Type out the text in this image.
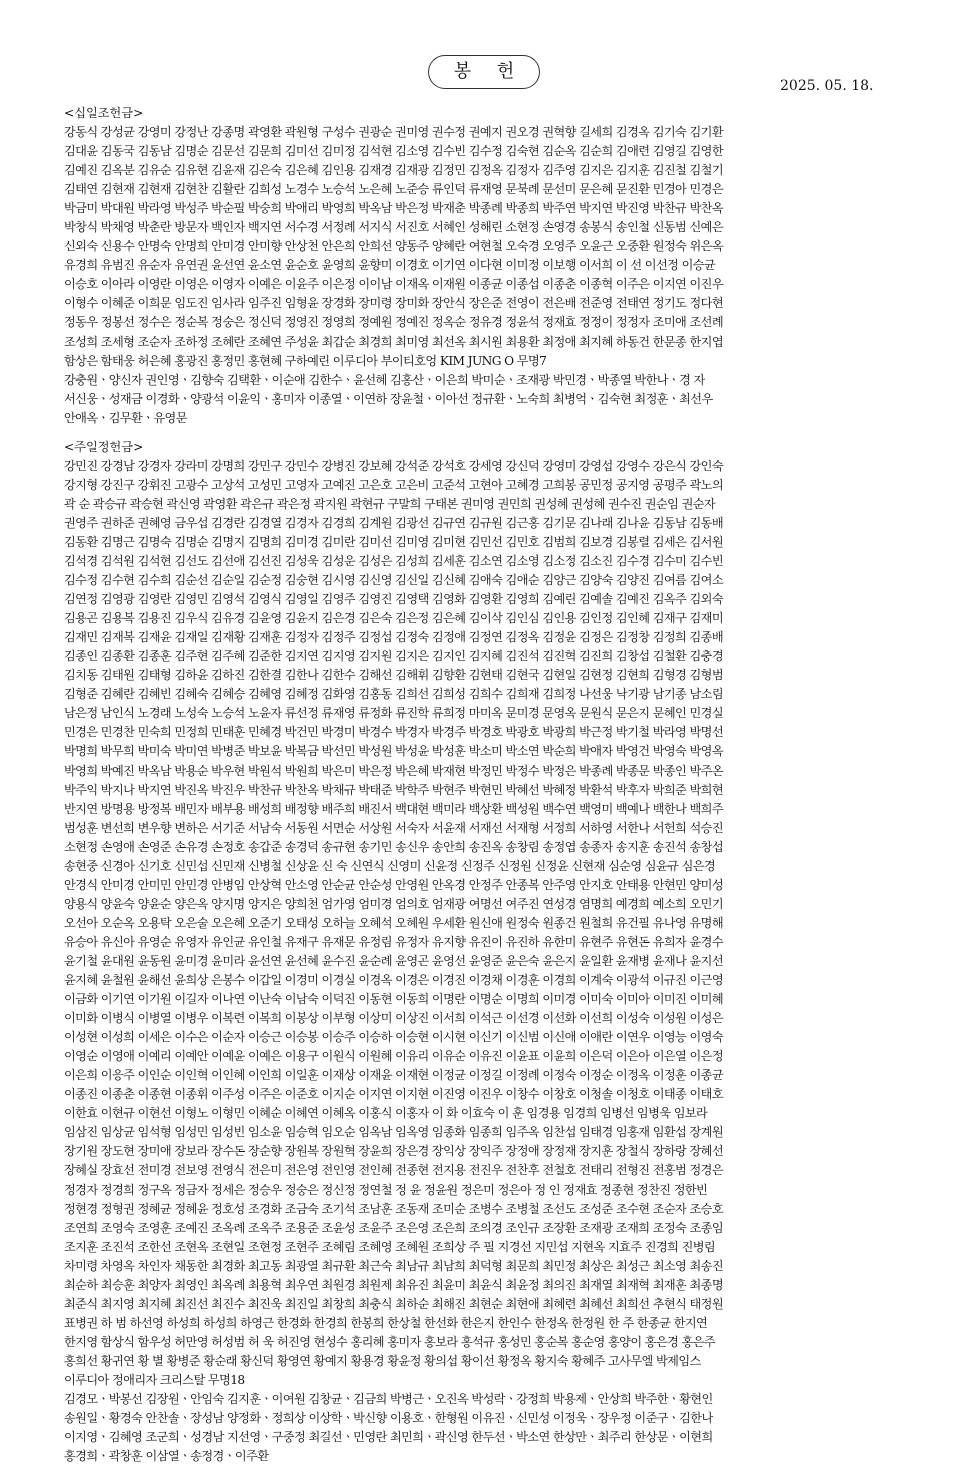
봉 헌
2025. 05. 18.
<십일조헌금>
강동식 강성균 강영미 강정난 강종명 곽영환 곽원형 구성수 권광순 권미영 권수정 권예지 권오경 권혁향 길세희 김경옥 김기숙 김기환
김대윤 김동국 김동남 김명순 김문선 김문희 김미선 김미정 김석현 김소영 김수빈 김수정 김숙현 김순옥 김순희 김애련 김영길 김영한
김예진 김옥분 김유순 김유현 김윤재 김은숙 김은혜 김인용 김재경 김재광 김정민 김정옥 김정자 김주영 김지은 김지훈 김진철 김철기
김태연 김현재 김현재 김현찬 김활란 김희성 노경수 노승석 노은혜 노준승 류인덕 류재영 문북례 문선미 문은혜 문진환 민경아 민경은
박금미 박대원 박라영 박성주 박순필 박숭희 박애리 박영희 박옥남 박은정 박재춘 박종례 박종희 박주연 박지연 박진영 박찬규 박찬옥
박창식 박채영 박춘란 방문자 백인자 백지연 서수경 서정례 서지식 서진호 서혜인 성해린 소현정 손영경 송봉식 송인철 신동범 신예은
신외숙 신용수 안명숙 안명희 안미경 안미향 안상천 안은희 안희선 양동주 양혜란 여현철 오숙경 오영주 오윤근 오중환 원정숙 위은옥
유경희 유범진 유순자 유연권 윤선연 윤소연 윤순호 윤영희 윤향미 이경호 이기연 이다현 이미정 이보행 이서희 이 선 이선정 이승균
이승호 이아라 이영란 이영은 이영자 이예은 이윤주 이은정 이이남 이재옥 이재원 이종균 이종섭 이종춘 이종혁 이주은 이지연 이진우
이형수 이혜준 이희문 임도진 임사라 임주진 임형윤 장경화 장미령 장미화 장안식 장은준 전영이 전은배 전준영 전태연 정기도 정다현
정동우 정봉선 정수은 정순복 정숭은 정신덕 정영진 정영희 정예원 정예진 정옥순 정유경 정윤석 정재효 정정이 정정자 조미애 조선례
조성희 조세형 조순자 조하정 조혜란 조혜연 주성윤 최갑순 최경희 최미영 최선옥 최시원 최용환 최정애 최지혜 하동건 한문종 한지엽
함상은 함태웅 허은혜 홍광진 홍정민 홍현혜 구하예린 이루디아 부이티호엉 KIM JUNG O 무명7
강충원ㆍ양신자 권인영ㆍ김향숙 김택환ㆍ이순애 김한수ㆍ윤선혜 김홍산ㆍ이은희 박미순ㆍ조재광 박민경ㆍ박종열 박한나ㆍ경 자
서신웅ㆍ성재금 이경화ㆍ양광석 이윤익ㆍ홍미자 이종열ㆍ이연하 장윤철ㆍ이아선 정규환ㆍ노숙희 최병억ㆍ김숙현 최정훈ㆍ최선우
안애옥ㆍ김무환ㆍ유영문
<주일정헌금>
강민진 강경남 강경자 강라미 강명희 강민구 강민수 강병진 강보혜 강석준 강석호 강세영 강신덕 강영미 강영섭 강영수 강은식 강인숙
강지형 강진구 강휘진 고광수 고상석 고성민 고영자 고예진 고은호 고은비 고준석 고현아 고혜경 고희봉 공민정 공지영 공평주 곽노의
곽 순 곽승규 곽승현 곽신영 곽영환 곽은규 곽은정 곽지원 곽현규 구말희 구태본 권미영 권민희 권성혜 권성혜 권수진 권순임 권순자
권영주 권하준 권혜영 금우섭 김경란 김경열 김경자 김경희 김계원 김광선 김규연 김규원 김근홍 김기문 김나래 김나윤 김동남 김동배
김동환 김명근 김명숙 김명순 김명지 김명희 김미경 김미란 김미선 김미영 김미현 김민선 김민호 김범희 김보경 김봉렬 김세은 김서원
김석경 김석원 김석현 김선도 김선애 김선진 김성욱 김성운 김성은 김성희 김세훈 김소연 김소영 김소정 김소진 김수경 김수미 김수빈
김수정 김수현 김수희 김순선 김순일 김순정 김숭현 김시영 김신영 김신일 김신혜 김애숙 김애순 김양근 김양숙 김양진 김여름 김여소
김연정 김영광 김영란 김영민 김영석 김영식 김영일 김영주 김영진 김영택 김영화 김영환 김영희 김예린 김예솔 김예진 김옥주 김외숙
김용곤 김용복 김용진 김우식 김유경 김윤영 김윤지 김은경 김은숙 김은정 김은혜 김이삭 김인심 김인용 김인정 김인혜 김재구 김재미
김재민 김재복 김재윤 김재일 김재황 김재훈 김정자 김정주 김정섭 김정숙 김정애 김정연 김정옥 김정윤 김정은 김정창 김정희 김종배
김종인 김종환 김종훈 김주현 김주혜 김준한 김지연 김지영 김지원 김지은 김지인 김지혜 김진석 김진혁 김진희 김창섭 김철환 김충경
김치동 김태원 김태형 김하윤 김하진 김한결 김한나 김한수 김해선 김해휘 김향환 김현태 김현국 김현일 김현정 김현희 김형경 김형범
김형준 김혜란 김혜빈 김혜숙 김혜승 김혜영 김혜정 김화영 김홍동 김희선 김희성 김희수 김희재 김희정 나선웅 낙기광 남기종 남소림
남은정 남인식 노경래 노성숙 노승석 노윤자 류선정 류재영 류정화 류진학 류희정 마미옥 문미경 문영옥 문원식 문은지 문혜인 민경실
민경은 민경찬 민숙희 민정희 민태훈 민혜경 박건민 박경미 박경수 박경자 박경주 박경호 박광호 박광희 박근정 박기철 박라영 박명선
박명희 박무희 박미숙 박미연 박병준 박보윤 박복금 박선민 박성원 박성윤 박성훈 박소미 박소연 박순희 박애자 박영건 박영숙 박영옥
박영희 박예진 박옥남 박용순 박우현 박원석 박원희 박은미 박은정 박은혜 박재현 박정민 박정수 박정은 박종례 박종문 박종인 박주온
박주익 박지나 박지연 박진옥 박진우 박찬규 박찬옥 박채규 박태준 박학주 박현주 박현민 박혜선 박혜정 박환석 박후자 박희준 박희현
반지연 방명용 방정복 배민자 배부용 배성희 배정향 배주희 배진서 백대현 백미라 백상환 백성원 백수연 백영미 백예나 백한나 백희주
범성훈 변선희 변우향 변하은 서기준 서남숙 서동원 서면순 서상원 서숙자 서윤재 서재선 서재형 서정희 서하영 서한나 서헌희 석승진
소현정 손영애 손영준 손유경 손정호 송갑준 송경덕 송규현 송기민 송신우 송안희 송진옥 송창림 송정엽 송종자 송지훈 송진석 송창섭
송현중 신경아 신기호 신민섭 신민재 신병철 신상윤 신 숙 신연식 신영미 신윤정 신정주 신정원 신정윤 신현재 심순영 심윤규 심은경
안경식 안미경 안미민 안민경 안병임 안상혁 안소영 안순균 안순성 안영원 안옥경 안정주 안종복 안주영 안지호 안태용 안현민 양미성
양용식 양윤숙 양윤순 양은옥 양지명 양지은 양희천 엄가영 엄미경 엄의호 엄재광 여명선 여주진 연성경 염명희 예경희 예소희 오민기
오선아 오순옥 오용탁 오은술 오은혜 오준기 오태성 오하늘 오혜석 오혜원 우세환 원신애 원정숙 원종건 원철희 유건필 유나영 유명해
유승아 유신아 유영순 유영자 유인균 유인철 유재구 유재문 유정림 유정자 유지향 유진이 유진하 유한미 유현주 유현돈 유희자 윤경수
윤기철 윤대원 윤동원 윤미경 윤미라 윤선연 윤선혜 윤수진 윤순례 윤영곤 윤영선 윤영준 윤은숙 윤은지 윤일환 윤재병 윤재나 윤지선
윤지혜 윤철원 윤해선 윤희상 은봉수 이갑일 이경미 이경실 이경옥 이경은 이경진 이경채 이경훈 이경희 이계숙 이광석 이규진 이근영
이금화 이기연 이기원 이길자 이나연 이난숙 이남숙 이덕진 이동현 이동희 이명란 이명순 이명희 이미경 이미숙 이미아 이미진 이미혜
이미화 이병식 이병열 이병우 이복련 이복희 이봉상 이부형 이상미 이상진 이서희 이석근 이선경 이선화 이선희 이성숙 이성원 이성은
이성현 이성희 이세은 이수은 이순자 이승근 이승봉 이승주 이승하 이승현 이시현 이신기 이신범 이신애 이애란 이연우 이영능 이영숙
이영순 이영애 이예리 이예안 이예윤 이예은 이용구 이원식 이원혜 이유리 이유순 이유진 이윤표 이윤희 이은덕 이은아 이은열 이은정
이은희 이응주 이인순 이인혁 이인혜 이인희 이일훈 이재상 이재윤 이재현 이정균 이정길 이정례 이정숙 이정순 이정옥 이정훈 이종균
이종진 이종춘 이종현 이종휘 이주성 이주은 이준호 이지순 이지연 이지현 이진영 이진우 이창수 이창호 이청솔 이청호 이태종 이태호
이한효 이현규 이현선 이형노 이형민 이혜순 이혜연 이혜옥 이홍식 이홍자 이 화 이효숙 이 훈 임경용 임경희 임병선 임병욱 임보라
임삼진 임상균 임석형 임성민 임성빈 임소윤 임승혁 임오순 임옥남 임옥영 임종화 임종희 임주옥 임찬섭 임태경 임홍재 임환섭 장계원
장기원 장도현 장미애 장보라 장수돈 장순향 장원복 장원혁 장윤희 장은경 장익상 장익주 장정애 장정재 장지훈 장철식 장하랑 장혜선
장혜실 장효선 전미경 전보영 전영식 전은미 전은영 전인영 전인혜 전종현 전지용 전진우 전찬후 전철호 전태리 전형진 전홍범 정경은
정경자 정경희 정구옥 정금자 정세은 정승우 정숭은 정신정 정연철 정 윤 정윤원 정은미 정은아 정 인 정재효 정종현 정찬진 정한빈
정현경 정형권 정혜균 정혜윤 정호성 조경화 조금숙 조기석 조남훈 조동재 조미순 조병수 조병철 조선도 조성준 조수현 조순자 조승호
조연희 조영숙 조영훈 조예진 조옥례 조옥주 조용준 조윤성 조윤주 조은영 조은희 조의경 조인규 조장환 조재광 조재희 조정숙 조종임
조지훈 조진석 조한선 조현옥 조현일 조현정 조현주 조혜림 조혜영 조혜원 조희상 주 필 지경선 지민섭 지현옥 지효주 진경희 진병림
차미령 차영옥 차인자 채동한 최경화 최고동 최광열 최규환 최근숙 최남규 최남희 최덕형 최문희 최민정 최상은 최성근 최소영 최송진
최순하 최승훈 최양자 최영인 최옥례 최용혁 최우연 최원경 최원제 최유진 최윤미 최윤식 최윤정 최의진 최재열 최재혁 최재훈 최종명
최준식 최지영 최지혜 최진선 최진수 최진욱 최진일 최창희 최충식 최하순 최해진 최현순 최현애 최혜련 최혜선 최희선 추현식 태정원
표병권 하 범 하선영 하성희 하성희 하영근 한경화 한경희 한봉희 한상철 한선화 한은지 한인수 한정옥 한정원 한 주 한종균 한지연
한지영 함상식 함우성 허만영 허성범 허 욱 허진영 현성수 홍리혜 홍미자 홍보라 홍석규 홍성민 홍순복 홍순영 홍양이 홍은경 홍은주
홍희선 황귀연 황 별 황병준 황순래 황신덕 황영연 황예지 황용경 황윤정 황의섭 황이선 황정옥 황지숙 황혜주 고사무엘 박제임스
이루디아 정애리자 크리스탈 무명18
김경모ㆍ박봉선 김장원ㆍ안임숙 김지훈ㆍ이여원 김창균ㆍ김금희 박병근ㆍ오진옥 박성락ㆍ강정희 박용제ㆍ안상희 박주한ㆍ황현인
송원일ㆍ황경숙 안찬솔ㆍ장성남 양정화ㆍ정희상 이상학ㆍ박신향 이용호ㆍ한형원 이유진ㆍ신민성 이정욱ㆍ장우정 이준구ㆍ김한나
이지영ㆍ김혜영 조군희ㆍ성경남 지선영ㆍ구중정 최길선ㆍ민영란 최민희ㆍ곽신영 한두선ㆍ박소연 한상만ㆍ최주리 한상문ㆍ이현희
홍경희ㆍ곽창훈 이삼열ㆍ송정경ㆍ이주환
